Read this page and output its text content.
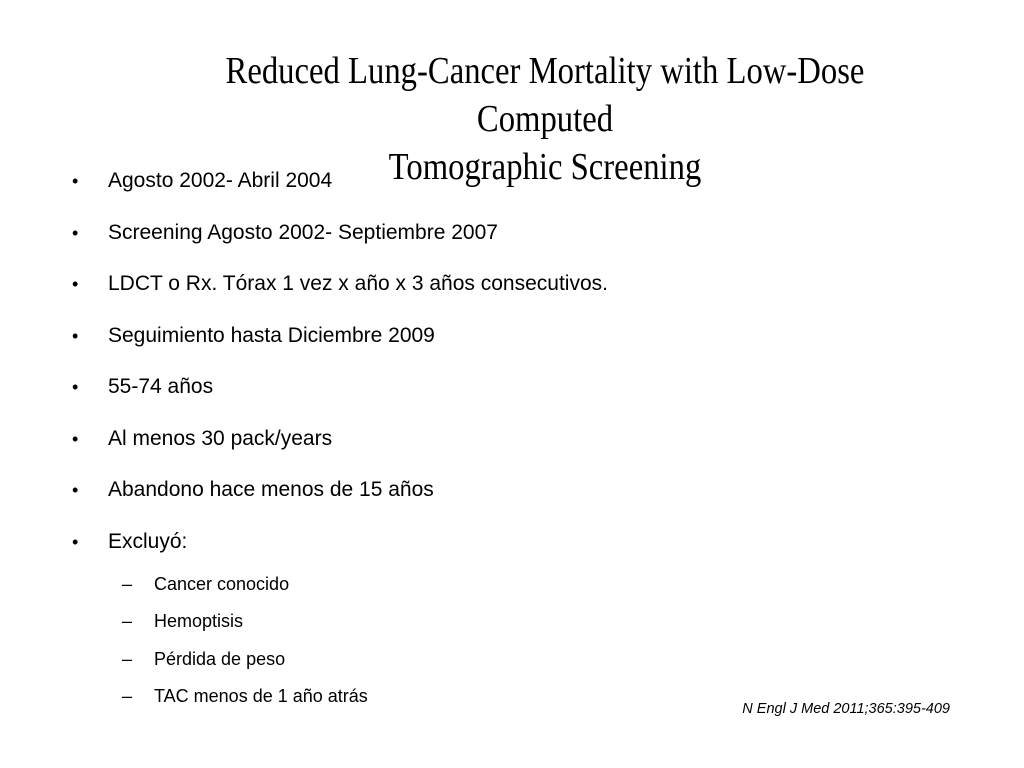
Reduced Lung-Cancer Mortality with Low-Dose Computed
Tomographic Screening
• Agosto 2002- Abril 2004
• Screening Agosto 2002- Septiembre 2007
• LDCT o Rx. Tórax 1 vez x año x 3 años consecutivos.
• Seguimiento hasta Diciembre 2009
• 55-74 años
• Al menos 30 pack/years
• Abandono hace menos de 15 años
• Excluyó:
– Cancer conocido
– Hemoptisis
– Pérdida de peso
– TAC menos de 1 año atrás
N Engl J Med 2011;365:395-409
